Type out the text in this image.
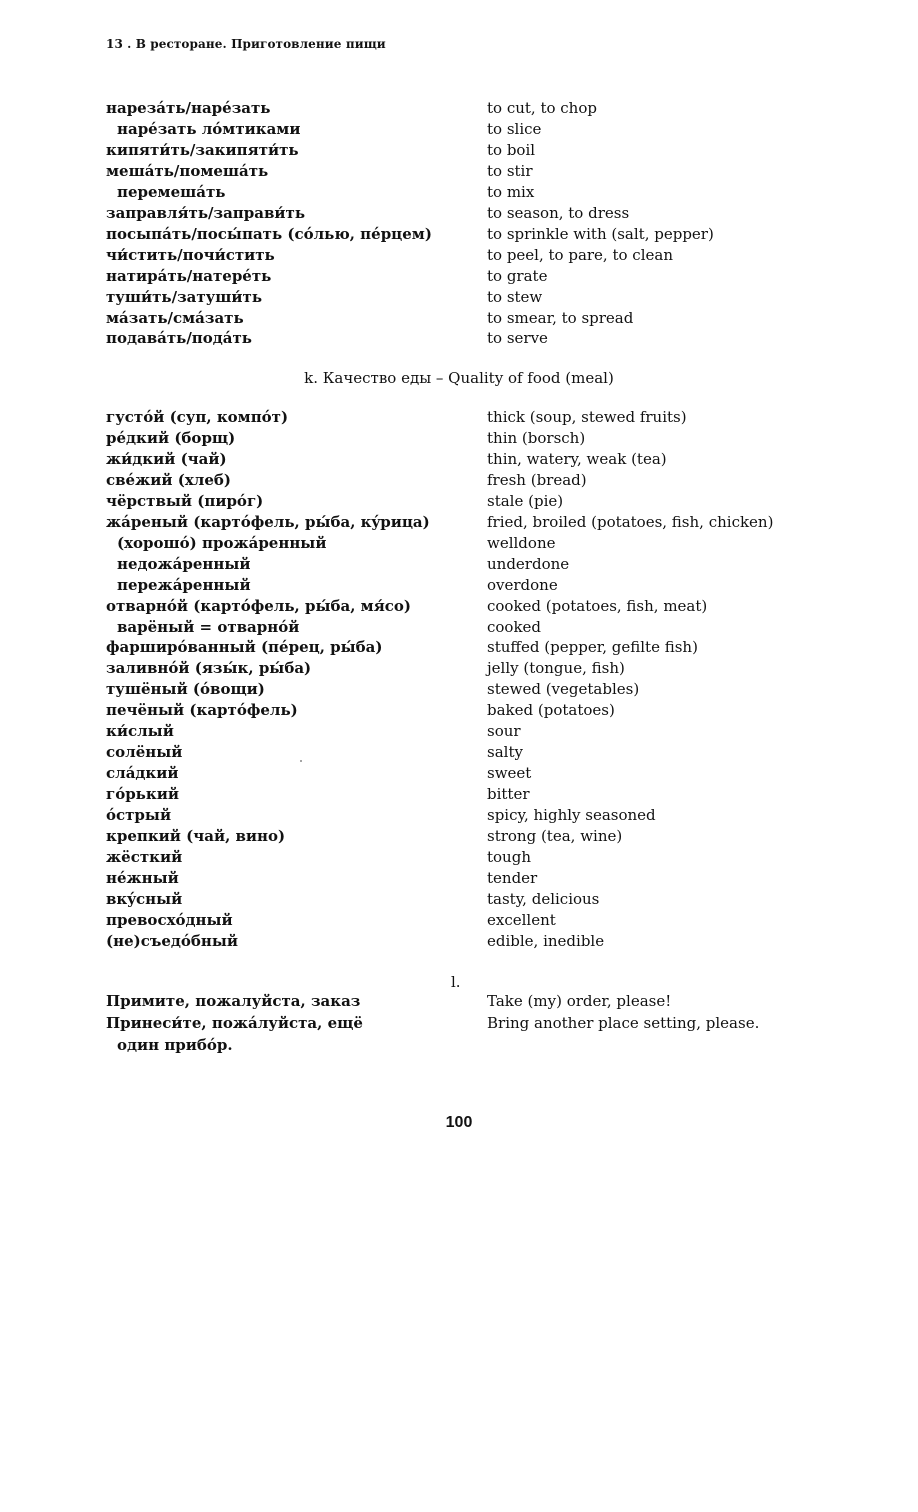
13 . В ресторане. Приготовление пищи
нарезáть/нарéзать	to cut, to chop
нарéзать лóмтиками	to slice
кипяти́ть/закипяти́ть	to boil
мешáть/помешáть	to stir
перемешáть	to mix
заправля́ть/заправи́ть	to season, to dress
посыпáть/посы́пать (сóлью, пéрцем)	to sprinkle with (salt, pepper)
чи́стить/почи́стить	to peel, to pare, to clean
натирáть/натерéть	to grate
туши́ть/затуши́ть	to stew
мáзать/смáзать	to smear, to spread
подавáть/подáть	to serve
k. Качество еды – Quality of food (meal)
густóй (суп, компóт)	thick (soup, stewed fruits)
рéдкий (борщ)	thin (borsch)
жи́дкий (чай)	thin, watery, weak (tea)
свéжий (хлеб)	fresh (bread)
чёрствый (пирóг)	stale (pie)
жáреный (картóфель, ры́ба, кýрица)	fried, broiled (potatoes, fish, chicken)
(хорошó) прожáренный	welldone
недожáренный	underdone
пережáренный	overdone
отварнóй (картóфель, ры́ба, мя́со)	cooked (potatoes, fish, meat)
варёный = отварнóй	cooked
фарширóванный (пéрец, ры́ба)	stuffed (pepper, gefilte fish)
заливнóй (язы́к, ры́ба)	jelly (tongue, fish)
тушёный (óвощи)	stewed (vegetables)
печёный (картóфель)	baked (potatoes)
ки́слый	sour
солёный	salty
слáдкий	sweet
гóрький	bitter
óстрый	spicy, highly seasoned
крепкий (чай, вино)	strong (tea, wine)
жёсткий	tough
нéжный	tender
вкýсный	tasty, delicious
превосхóдный	excellent
(не)съедóбный	edible, inedible
l.
Примите, пожалуйста, заказ	Take (my) order, please!
Принеси́те, пожáлуйста, ещё	Bring another place setting, please.
один прибóр.
100
